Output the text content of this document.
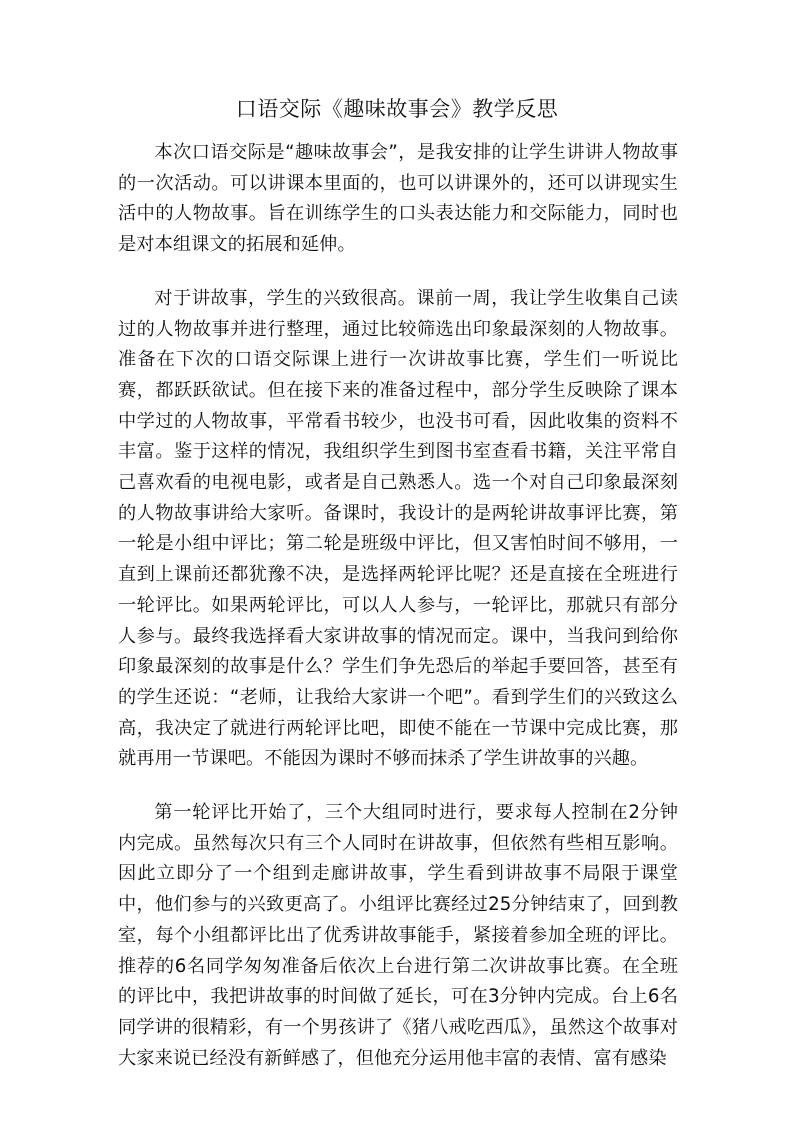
口语交际《趣味故事会》教学反思

本次口语交际是“趣味故事会”，是我安排的让学生讲讲人物故事的一次活动。可以讲课本里面的，也可以讲课外的，还可以讲现实生活中的人物故事。旨在训练学生的口头表达能力和交际能力，同时也是对本组课文的拓展和延伸。

对于讲故事，学生的兴致很高。课前一周，我让学生收集自己读过的人物故事并进行整理，通过比较筛选出印象最深刻的人物故事。准备在下次的口语交际课上进行一次讲故事比赛，学生们一听说比赛，都跃跃欲试。但在接下来的准备过程中，部分学生反映除了课本中学过的人物故事，平常看书较少，也没书可看，因此收集的资料不丰富。鉴于这样的情况，我组织学生到图书室查看书籍，关注平常自己喜欢看的电视电影，或者是自己熟悉人。选一个对自己印象最深刻的人物故事讲给大家听。备课时，我设计的是两轮讲故事评比赛，第一轮是小组中评比；第二轮是班级中评比，但又害怕时间不够用，一直到上课前还都犹豫不决，是选择两轮评比呢？还是直接在全班进行一轮评比。如果两轮评比，可以人人参与，一轮评比，那就只有部分人参与。最终我选择看大家讲故事的情况而定。课中，当我问到给你印象最深刻的故事是什么？学生们争先恐后的举起手要回答，甚至有的学生还说：“老师，让我给大家讲一个吧”。看到学生们的兴致这么高，我决定了就进行两轮评比吧，即使不能在一节课中完成比赛，那就再用一节课吧。不能因为课时不够而抹杀了学生讲故事的兴趣。

第一轮评比开始了，三个大组同时进行，要求每人控制在2分钟内完成。虽然每次只有三个人同时在讲故事，但依然有些相互影响。因此立即分了一个组到走廊讲故事，学生看到讲故事不局限于课堂中，他们参与的兴致更高了。小组评比赛经过25分钟结束了，回到教室，每个小组都评比出了优秀讲故事能手，紧接着参加全班的评比。推荐的6名同学匆匆准备后依次上台进行第二次讲故事比赛。在全班的评比中，我把讲故事的时间做了延长，可在3分钟内完成。台上6名同学讲的很精彩，有一个男孩讲了《猪八戒吃西瓜》，虽然这个故事对大家来说已经没有新鲜感了，但他充分运用他丰富的表情、富有感染
